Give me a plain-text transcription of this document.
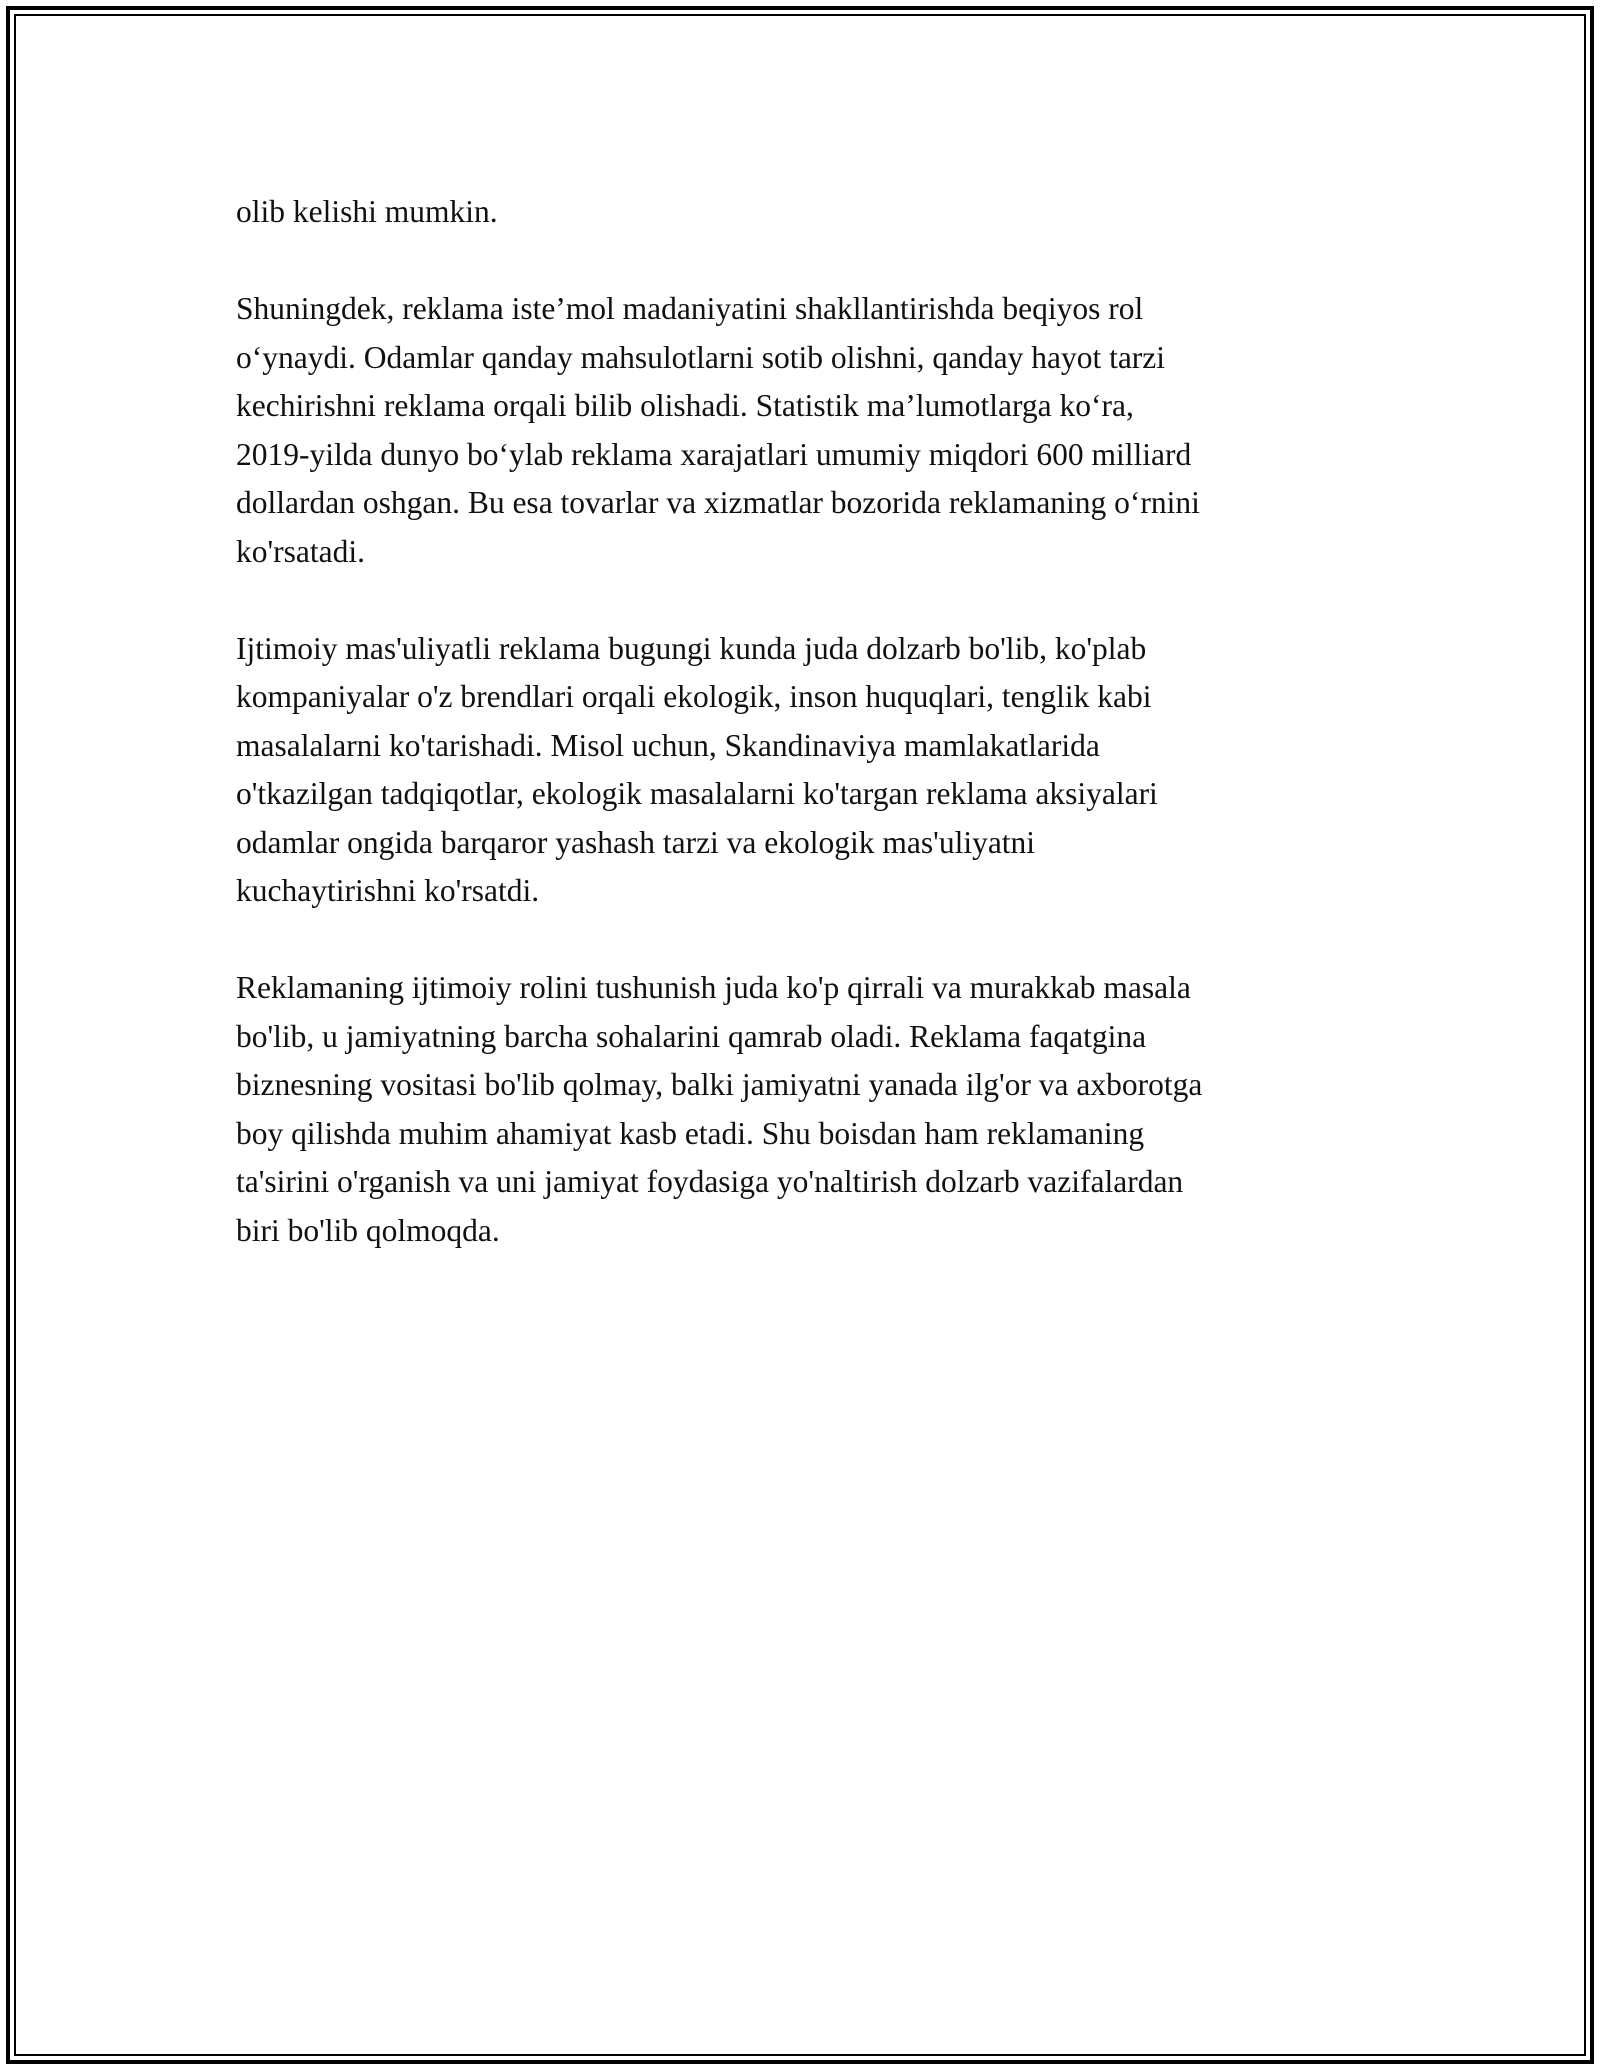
olib kelishi mumkin.

Shuningdek, reklama iste’mol madaniyatini shakllantirishda beqiyos rol
o‘ynaydi. Odamlar qanday mahsulotlarni sotib olishni, qanday hayot tarzi
kechirishni reklama orqali bilib olishadi. Statistik ma’lumotlarga ko‘ra,
2019-yilda dunyo bo‘ylab reklama xarajatlari umumiy miqdori 600 milliard
dollardan oshgan. Bu esa tovarlar va xizmatlar bozorida reklamaning o‘rnini
ko'rsatadi.

Ijtimoiy mas'uliyatli reklama bugungi kunda juda dolzarb bo'lib, ko'plab
kompaniyalar o'z brendlari orqali ekologik, inson huquqlari, tenglik kabi
masalalarni ko'tarishadi. Misol uchun, Skandinaviya mamlakatlarida
o'tkazilgan tadqiqotlar, ekologik masalalarni ko'targan reklama aksiyalari
odamlar ongida barqaror yashash tarzi va ekologik mas'uliyatni
kuchaytirishni ko'rsatdi.

Reklamaning ijtimoiy rolini tushunish juda ko'p qirrali va murakkab masala
bo'lib, u jamiyatning barcha sohalarini qamrab oladi. Reklama faqatgina
biznesning vositasi bo'lib qolmay, balki jamiyatni yanada ilg'or va axborotga
boy qilishda muhim ahamiyat kasb etadi. Shu boisdan ham reklamaning
ta'sirini o'rganish va uni jamiyat foydasiga yo'naltirish dolzarb vazifalardan
biri bo'lib qolmoqda.
